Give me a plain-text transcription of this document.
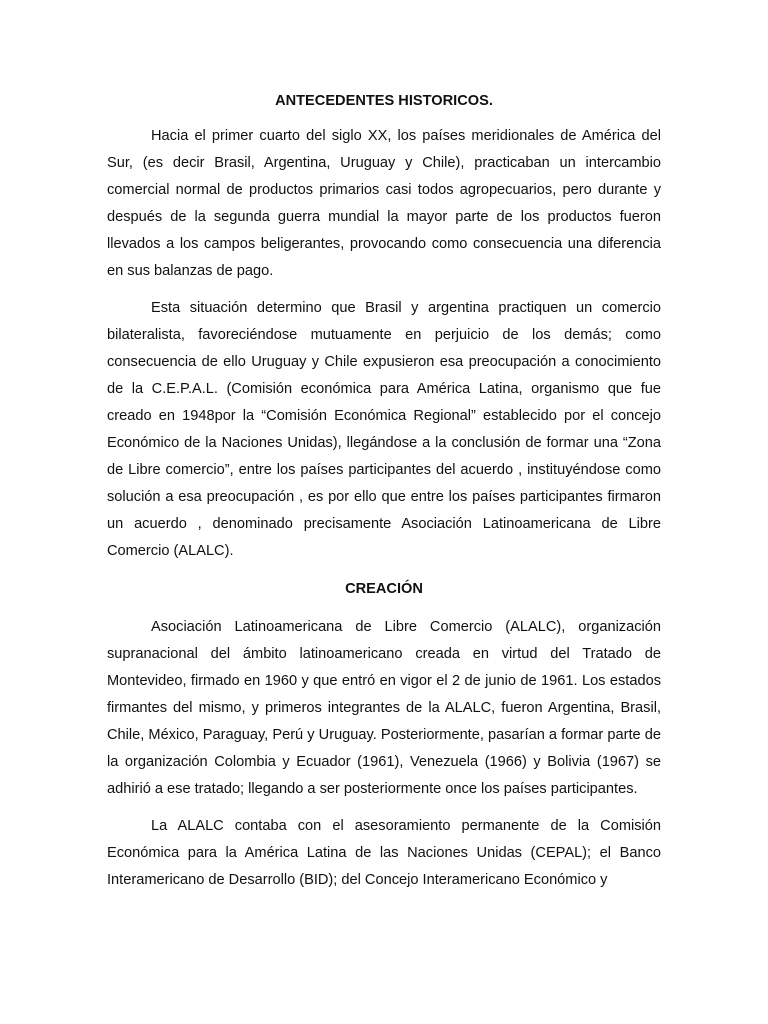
ANTECEDENTES HISTORICOS.

Hacia el primer cuarto del siglo XX, los países meridionales de América del Sur, (es decir Brasil, Argentina, Uruguay y Chile), practicaban un intercambio comercial normal de productos primarios casi todos agropecuarios, pero durante y después de la segunda guerra mundial la mayor parte de los productos fueron llevados a los campos beligerantes, provocando como consecuencia una diferencia en sus balanzas de pago.

Esta situación determino que Brasil y argentina practiquen un comercio bilateralista, favoreciéndose mutuamente en perjuicio de los demás; como consecuencia de ello Uruguay y Chile expusieron esa preocupación a conocimiento de la C.E.P.A.L. (Comisión económica para América Latina, organismo que fue creado en 1948por la “Comisión Económica Regional” establecido por el concejo Económico de la Naciones Unidas), llegándose a la conclusión de formar una “Zona de Libre comercio”, entre los países participantes del acuerdo , instituyéndose como solución a esa preocupación , es por ello que entre los países participantes firmaron un acuerdo , denominado precisamente Asociación Latinoamericana de Libre Comercio (ALALC).

CREACIÓN

Asociación Latinoamericana de Libre Comercio (ALALC), organización supranacional del ámbito latinoamericano creada en virtud del Tratado de Montevideo, firmado en 1960 y que entró en vigor el 2 de junio de 1961. Los estados firmantes del mismo, y primeros integrantes de la ALALC, fueron Argentina, Brasil, Chile, México, Paraguay, Perú y Uruguay. Posteriormente, pasarían a formar parte de la organización Colombia y Ecuador (1961), Venezuela (1966) y Bolivia (1967) se adhirió a ese tratado; llegando a ser posteriormente once los países participantes.

La ALALC contaba con el asesoramiento permanente de la Comisión Económica para la América Latina de las Naciones Unidas (CEPAL); el Banco Interamericano de Desarrollo (BID); del Concejo Interamericano Económico y
